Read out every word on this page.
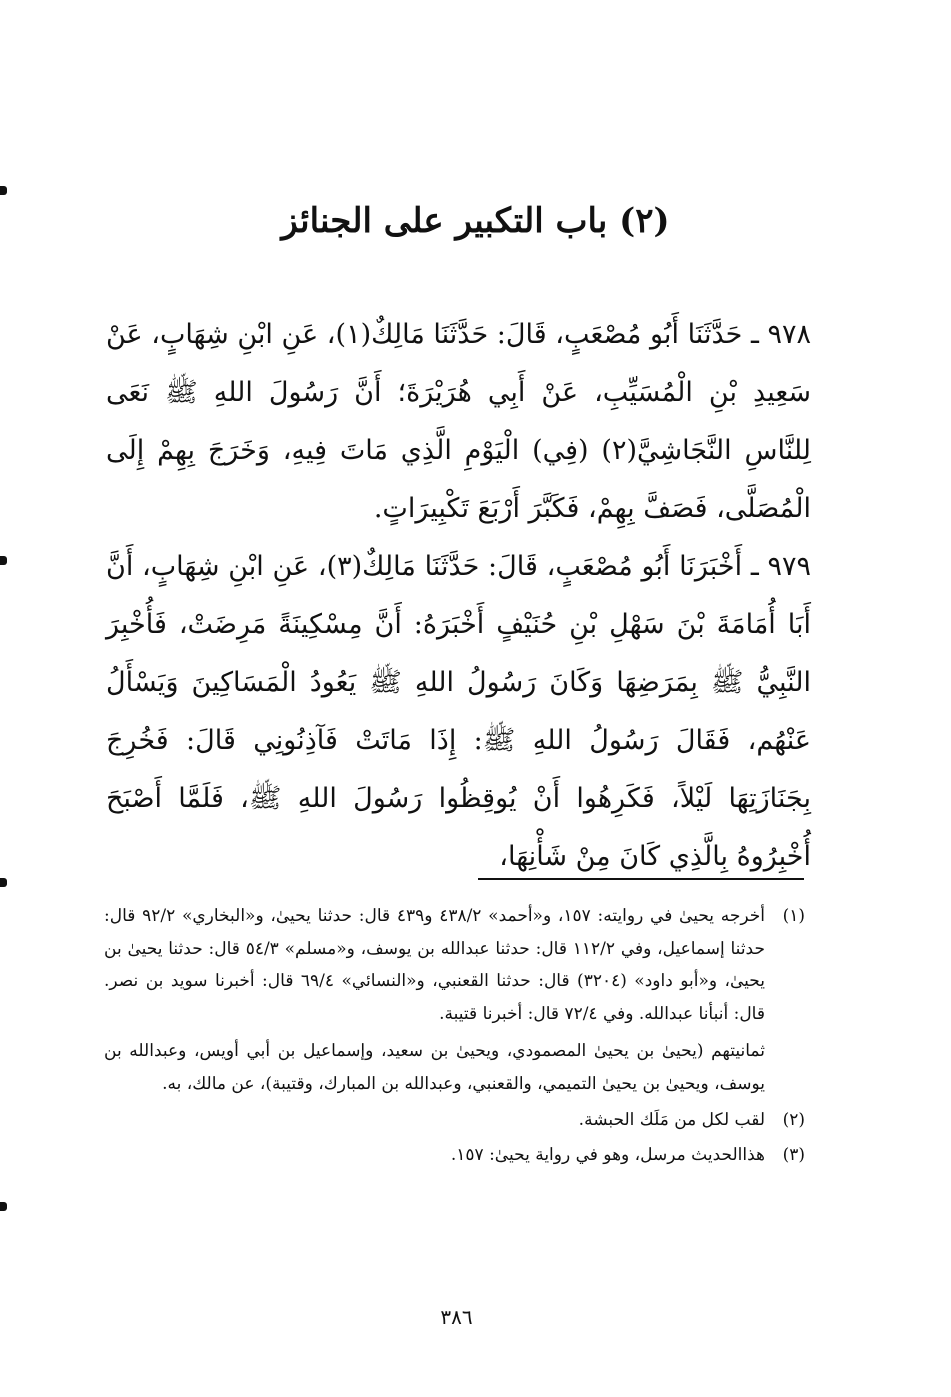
(٢) باب التكبير على الجنائز

٩٧٨ ـ حَدَّثَنَا أَبُو مُصْعَبٍ، قَالَ: حَدَّثَنَا مَالِكٌ(١)، عَنِ ابْنِ شِهَابٍ، عَنْ سَعِيدِ بْنِ الْمُسَيِّبِ، عَنْ أَبِي هُرَيْرَةَ؛ أَنَّ رَسُولَ اللهِ ﷺ نَعَى لِلنَّاسِ النَّجَاشِيَّ(٢) (فِي) الْيَوْمِ الَّذِي مَاتَ فِيهِ، وَخَرَجَ بِهِمْ إِلَى الْمُصَلَّى، فَصَفَّ بِهِمْ، فَكَبَّرَ أَرْبَعَ تَكْبِيرَاتٍ.

٩٧٩ ـ أَخْبَرَنَا أَبُو مُصْعَبٍ، قَالَ: حَدَّثَنَا مَالِكٌ(٣)، عَنِ ابْنِ شِهَابٍ، أَنَّ أَبَا أُمَامَةَ بْنَ سَهْلِ بْنِ حُنَيْفٍ أَخْبَرَهُ: أَنَّ مِسْكِينَةً مَرِضَتْ، فَأُخْبِرَ النَّبِيُّ ﷺ بِمَرَضِهَا وَكَانَ رَسُولُ اللهِ ﷺ يَعُودُ الْمَسَاكِينَ وَيَسْأَلُ عَنْهُم، فَقَالَ رَسُولُ اللهِ ﷺ: إِذَا مَاتَتْ فَآذِنُونِي قَالَ: فَخُرِجَ بِجَنَازَتِهَا لَيْلاً، فَكَرِهُوا أَنْ يُوقِظُوا رَسُولَ اللهِ ﷺ، فَلَمَّا أَصْبَحَ أُخْبِرُوهُ بِالَّذِي كَانَ مِنْ شَأْنِهَا،

(١)
أخرجه يحيىٰ في روايته: ١٥٧، و«أحمد» ٤٣٨/٢ و٤٣٩ قال: حدثنا يحيىٰ، و«البخاري» ٩٢/٢ قال: حدثنا إسماعيل، وفي ١١٢/٢ قال: حدثنا عبدالله بن يوسف، و«مسلم» ٥٤/٣ قال: حدثنا يحيىٰ بن يحيىٰ، و«أبو داود» (٣٢٠٤) قال: حدثنا القعنبي، و«النسائي» ٦٩/٤ قال: أخبرنا سويد بن نصر. قال: أنبأنا عبدالله. وفي ٧٢/٤ قال: أخبرنا قتيبة.
ثمانيتهم (يحيىٰ بن يحيىٰ المصمودي، ويحيىٰ بن سعيد، وإسماعيل بن أبي أويس، وعبدالله بن يوسف، ويحيىٰ بن يحيىٰ التميمي، والقعنبي، وعبدالله بن المبارك، وقتيبة)، عن مالك، به.
(٢)
لقب لكل من مَلَك الحبشة.
(٣)
هذاالحديث مرسل، وهو في رواية يحيىٰ: ١٥٧.
٣٨٦
